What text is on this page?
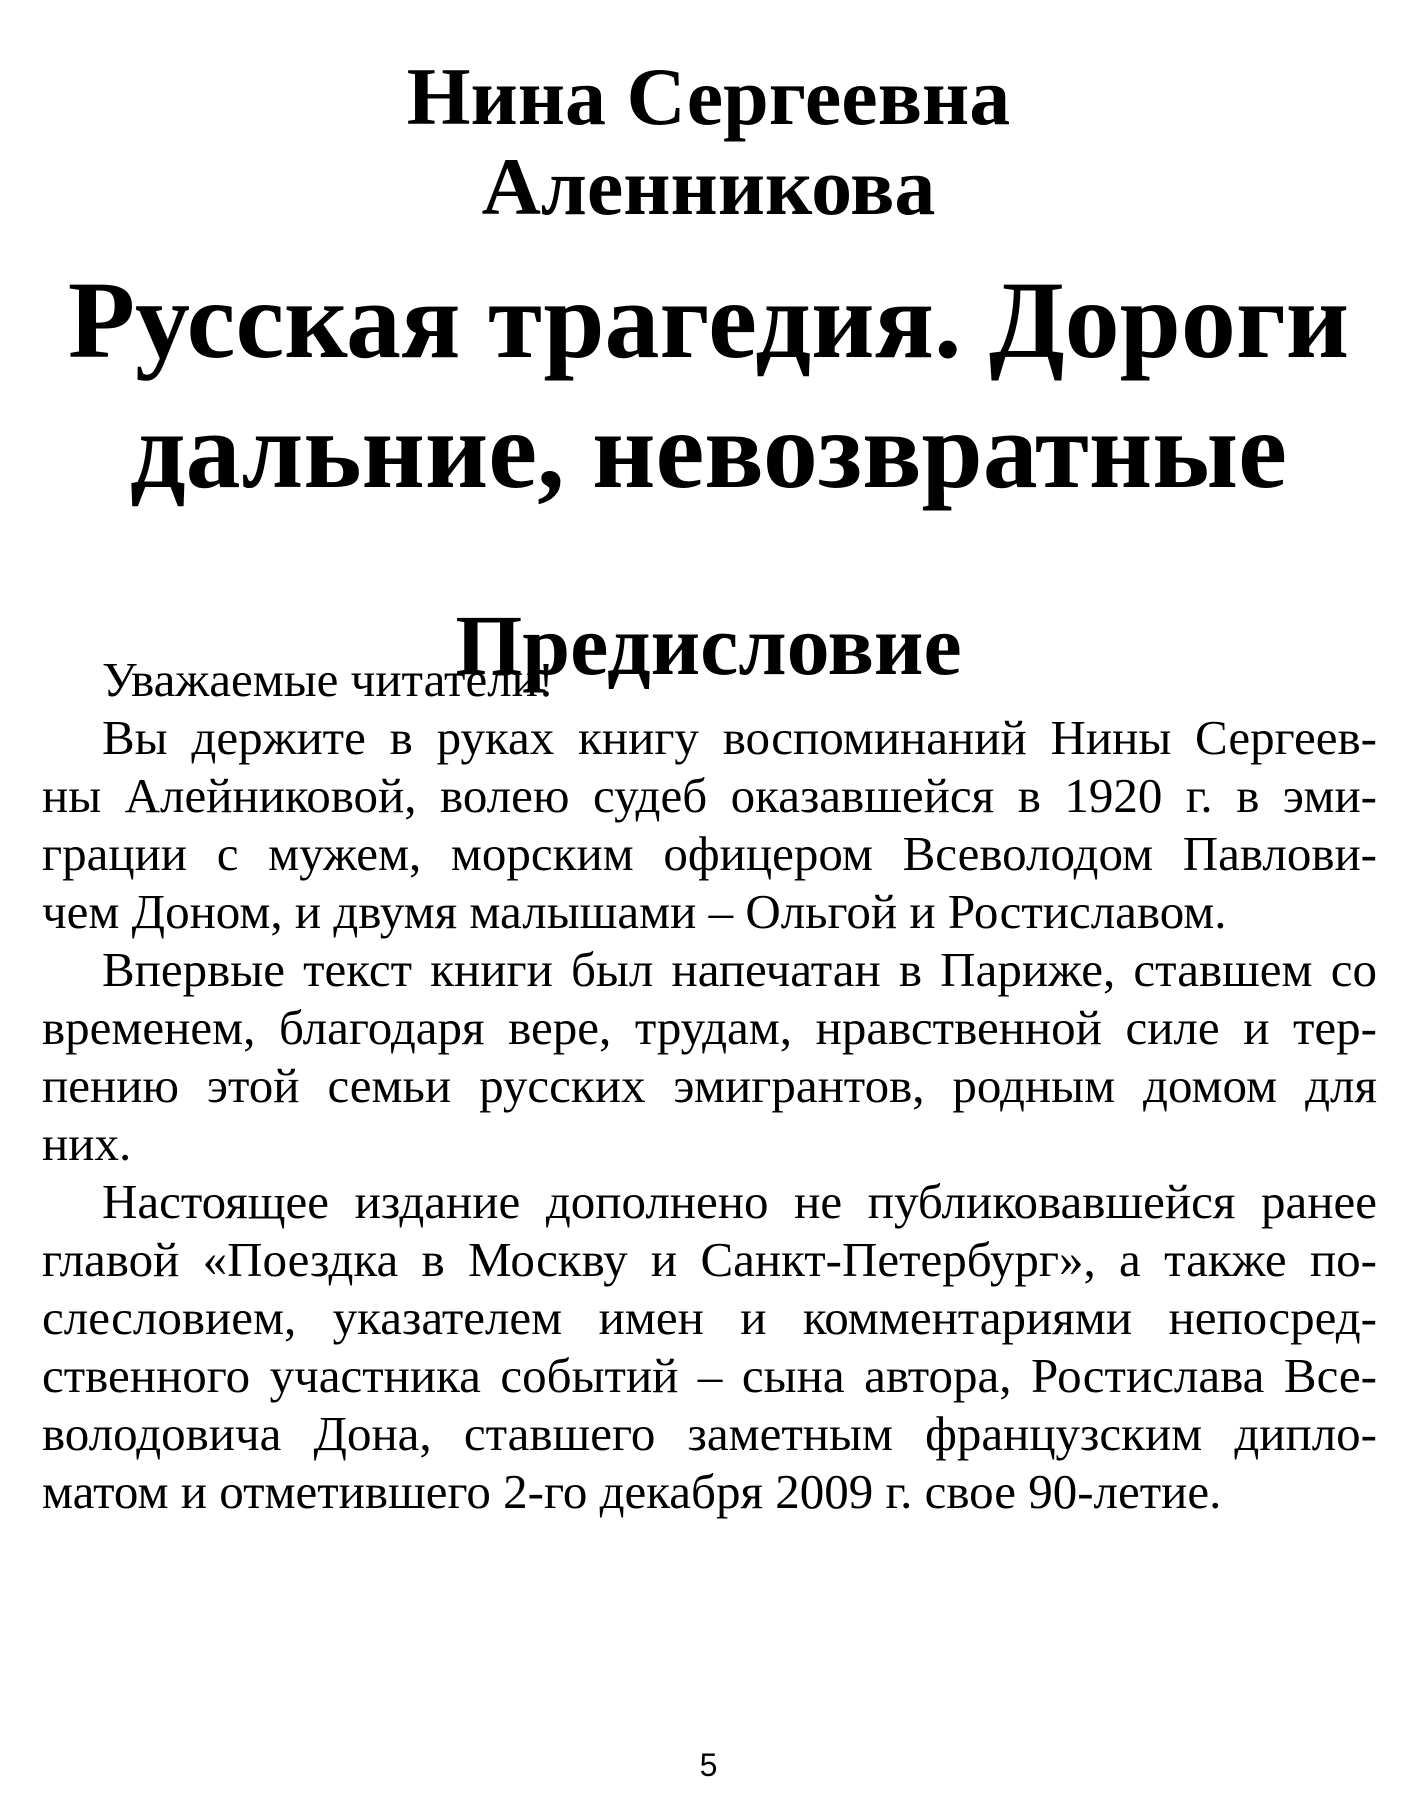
Нина Сергеевна
Аленникова
Русская трагедия. Дороги
дальние, невозвратные
Предисловие

Уважаемые читатели!

Вы держите в руках книгу воспоминаний Нины Сергеев-

ны Алейниковой, волею судеб оказавшейся в 1920 г. в эми-

грации с мужем, морским офицером Всеволодом Павлови-

чем Доном, и двумя малышами – Ольгой и Ростиславом.

Впервые текст книги был напечатан в Париже, ставшем со

временем, благодаря вере, трудам, нравственной силе и тер-

пению этой семьи русских эмигрантов, родным домом для

них.

Настоящее издание дополнено не публиковавшейся ранее

главой «Поездка в Москву и Санкт-Петербург», а также по-

слесловием, указателем имен и комментариями непосред-

ственного участника событий – сына автора, Ростислава Все-

володовича Дона, ставшего заметным французским дипло-

матом и отметившего 2-го декабря 2009 г. свое 90-летие.

5
